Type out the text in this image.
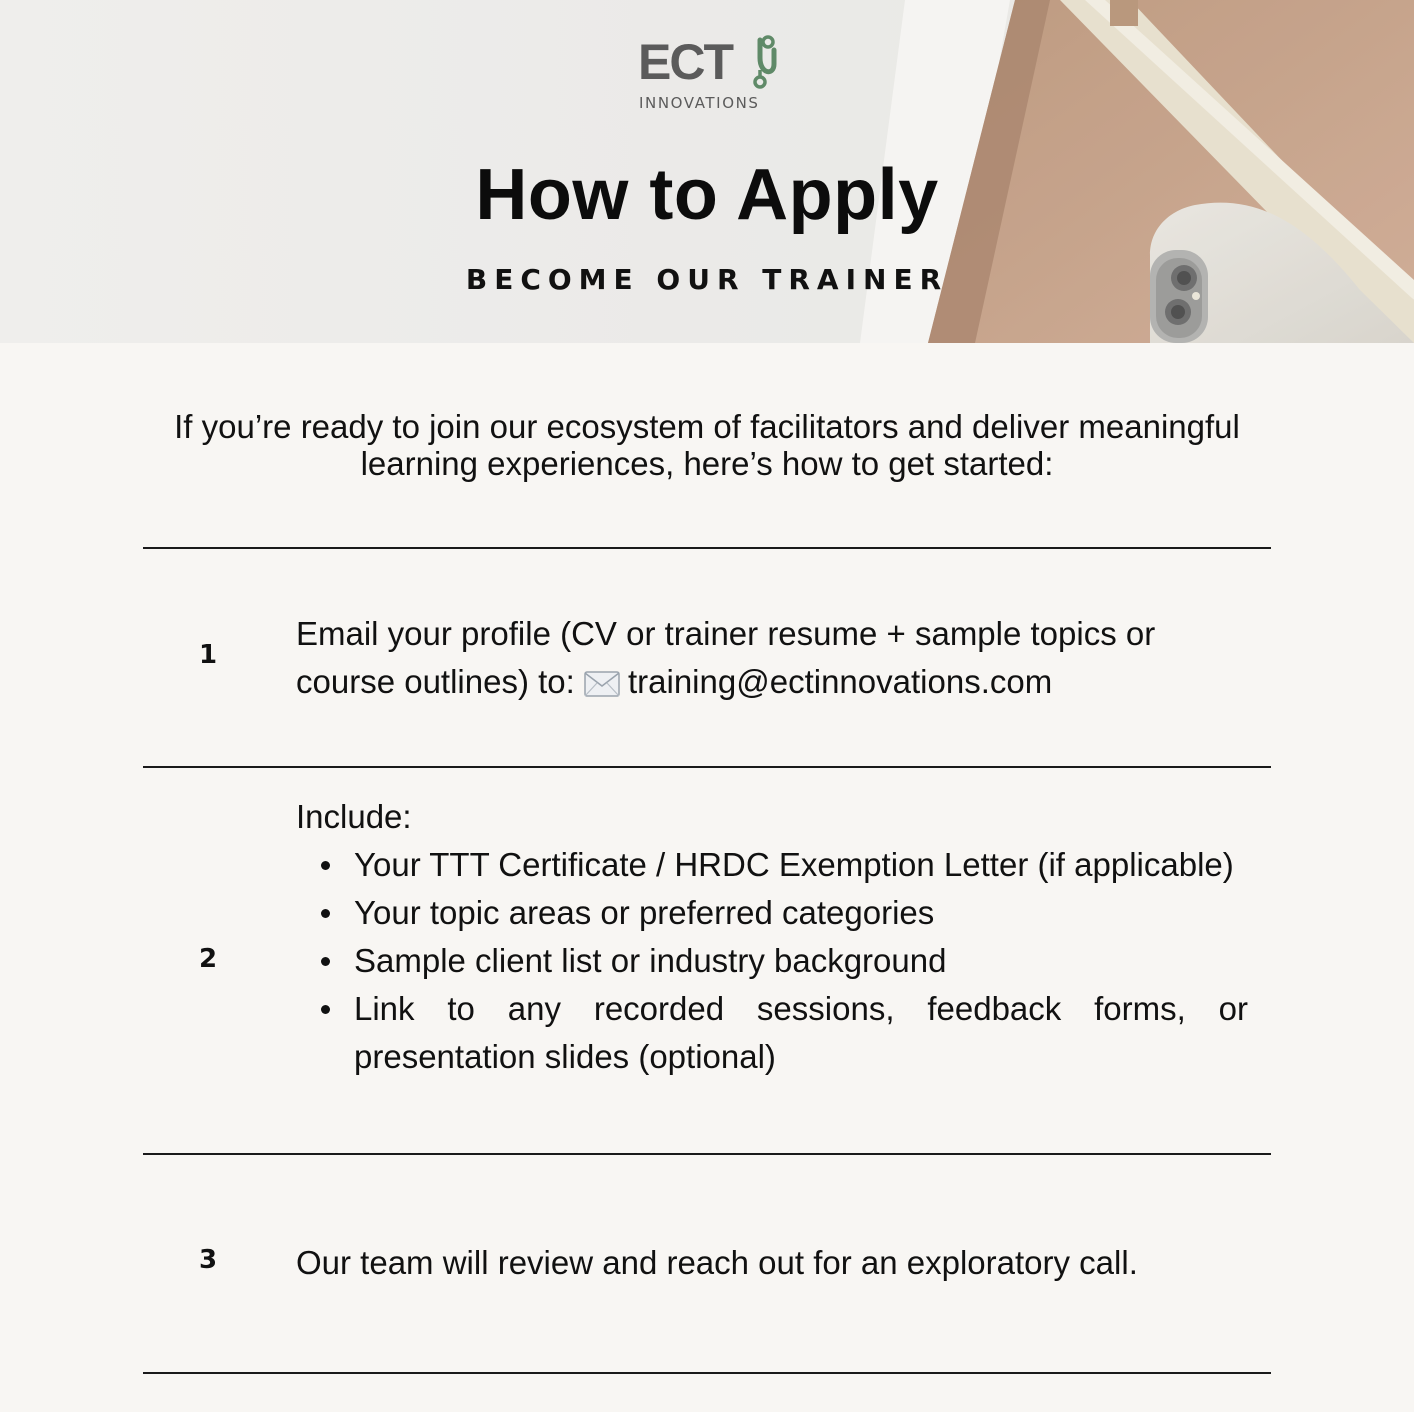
ECT
INNOVATIONS
How to Apply
BECOME OUR TRAINER

If you’re ready to join our ecosystem of facilitators and deliver meaningful learning experiences, here’s how to get started:

1
Email your profile (CV or trainer resume + sample topics or course outlines) to: training@ectinnovations.com
2
Include:
Your TTT Certificate / HRDC Exemption Letter (if applicable)
Your topic areas or preferred categories
Sample client list or industry background
Link to any recorded sessions, feedback forms, or presentation slides (optional)
3 Our team will review and reach out for an exploratory call.
